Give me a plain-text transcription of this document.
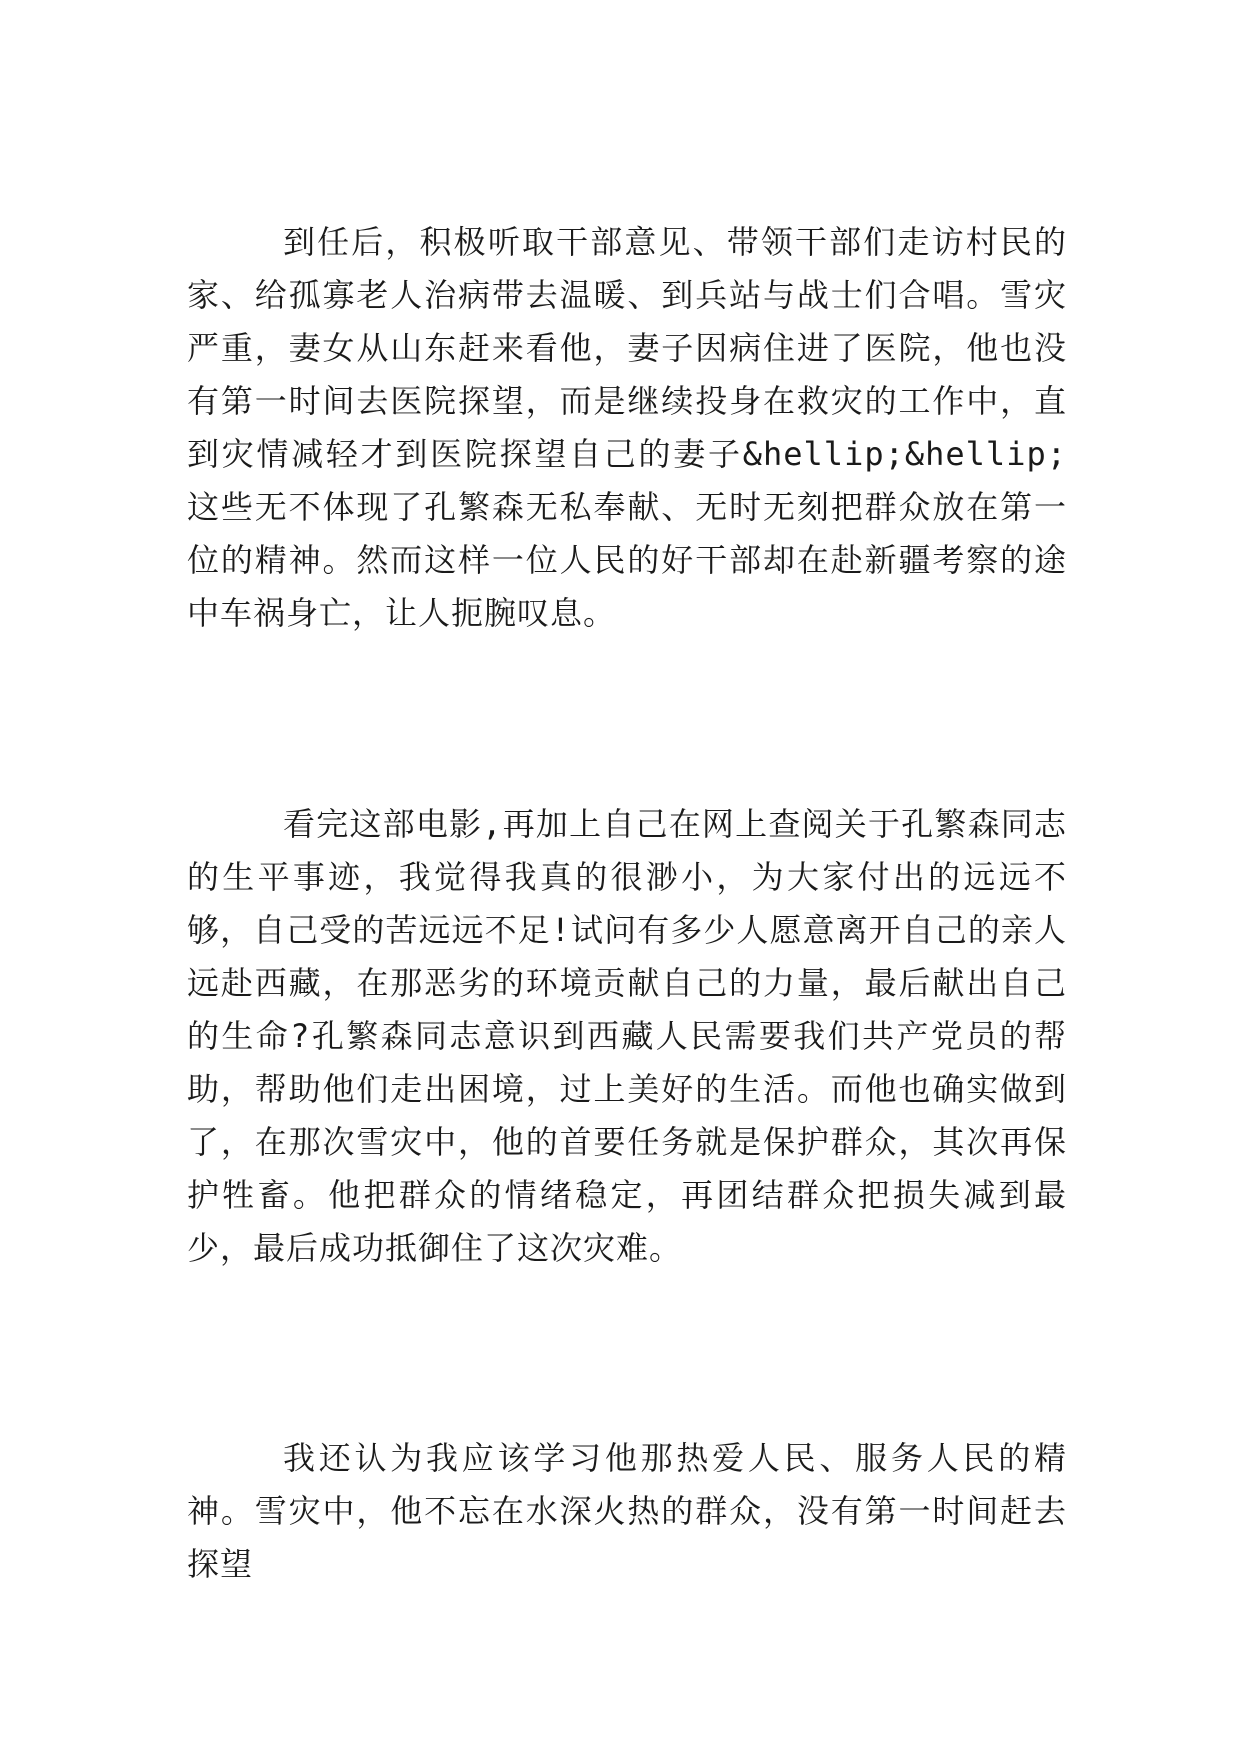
到任后，积极听取干部意见、带领干部们走访村民的家、给孤寡老人治病带去温暖、到兵站与战士们合唱。雪灾严重，妻女从山东赶来看他，妻子因病住进了医院，他也没有第一时间去医院探望，而是继续投身在救灾的工作中，直到灾情减轻才到医院探望自己的妻子&hellip;&hellip;这些无不体现了孔繁森无私奉献、无时无刻把群众放在第一位的精神。然而这样一位人民的好干部却在赴新疆考察的途中车祸身亡，让人扼腕叹息。

看完这部电影,再加上自己在网上查阅关于孔繁森同志的生平事迹，我觉得我真的很渺小，为大家付出的远远不够，自己受的苦远远不足!试问有多少人愿意离开自己的亲人远赴西藏，在那恶劣的环境贡献自己的力量，最后献出自己的生命?孔繁森同志意识到西藏人民需要我们共产党员的帮助，帮助他们走出困境，过上美好的生活。而他也确实做到了，在那次雪灾中，他的首要任务就是保护群众，其次再保护牲畜。他把群众的情绪稳定，再团结群众把损失减到最少，最后成功抵御住了这次灾难。

我还认为我应该学习他那热爱人民、服务人民的精神。雪灾中，他不忘在水深火热的群众，没有第一时间赶去探望
